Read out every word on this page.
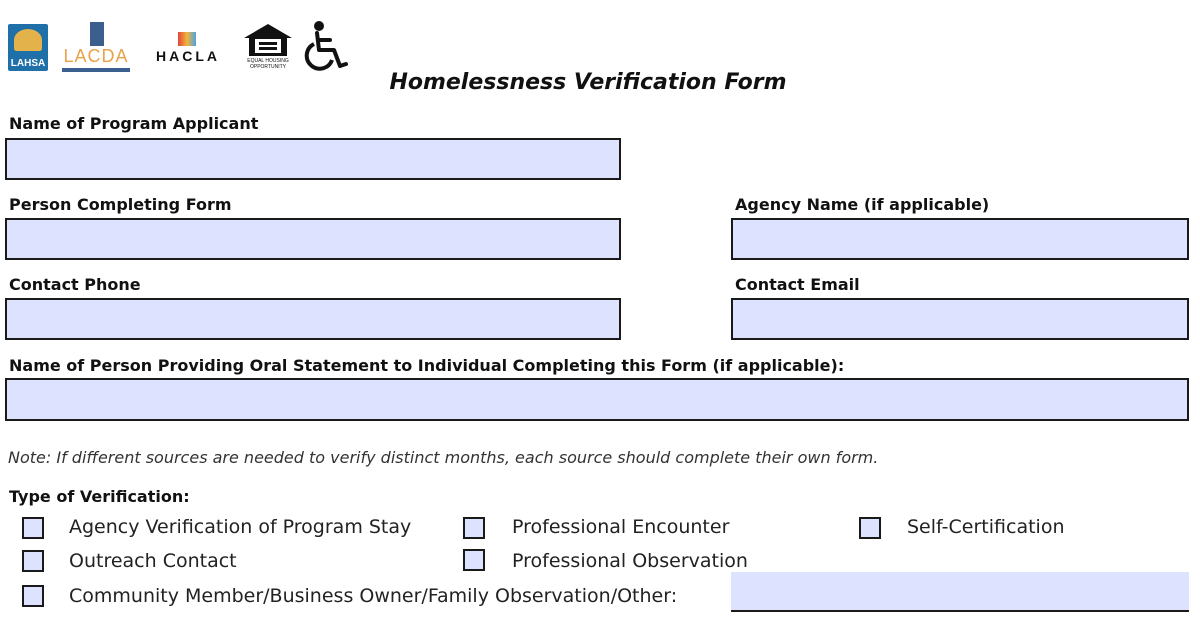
LAHSA LACDA	HACLA	EQUAL HOUSING OPPORTUNITY
Homelessness Verification Form
Name of Program Applicant
Person Completing Form	Agency Name (if applicable)
Contact Phone	Contact Email
Name of Person Providing Oral Statement to Individual Completing this Form (if applicable):
Note: If different sources are needed to verify distinct months, each source should complete their own form.
Type of Verification:
Agency Verification of Program Stay	Professional Encounter	Self-Certification
Outreach Contact	Professional Observation
Community Member/Business Owner/Family Observation/Other:
